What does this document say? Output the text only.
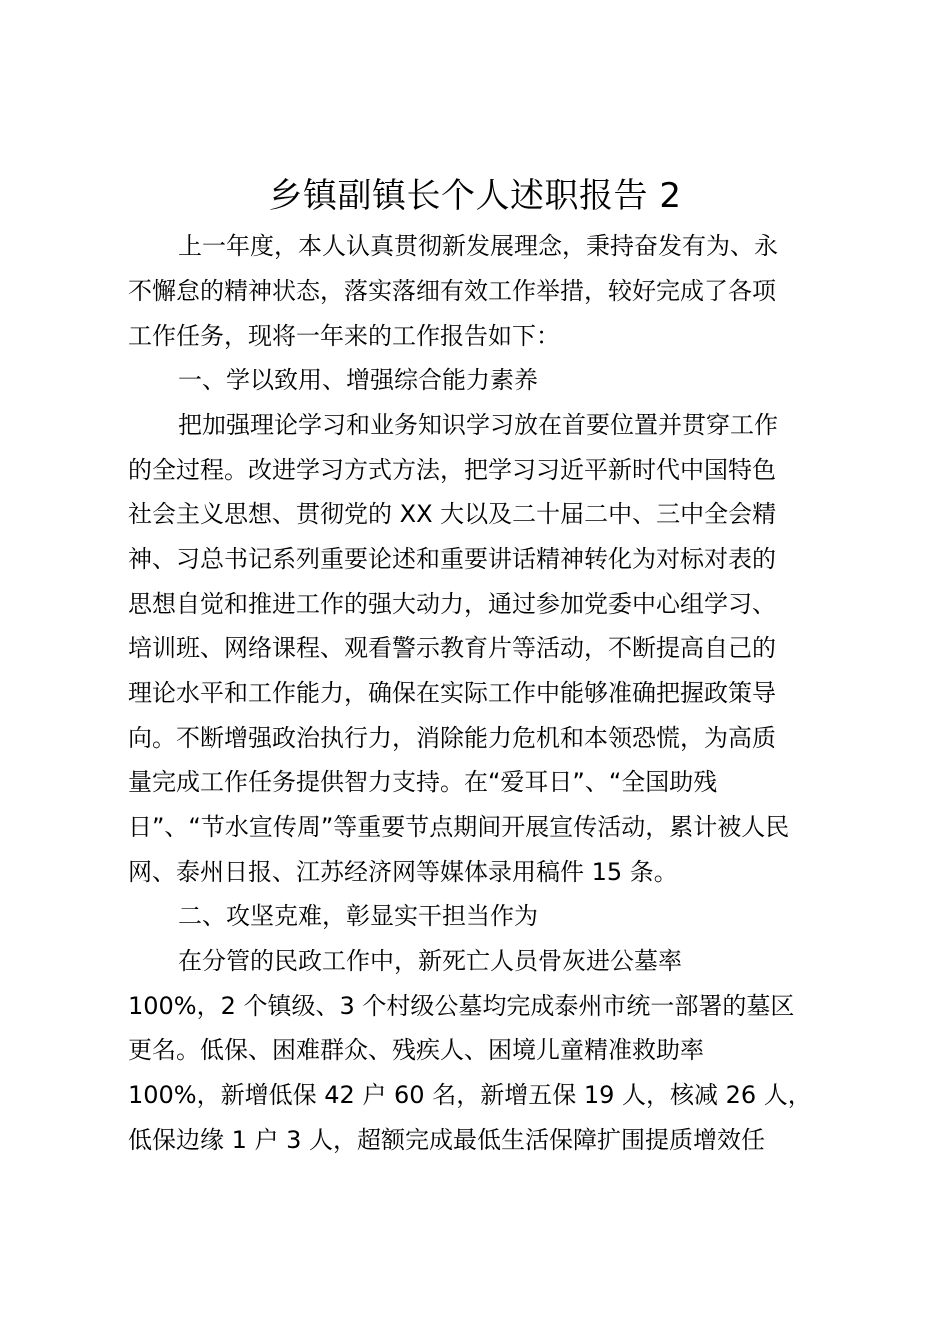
乡镇副镇长个人述职报告 2
上一年度，本人认真贯彻新发展理念，秉持奋发有为、永
不懈怠的精神状态，落实落细有效工作举措，较好完成了各项
工作任务，现将一年来的工作报告如下：
一、学以致用、增强综合能力素养
把加强理论学习和业务知识学习放在首要位置并贯穿工作
的全过程。改进学习方式方法，把学习习近平新时代中国特色
社会主义思想、贯彻党的 XX 大以及二十届二中、三中全会精
神、习总书记系列重要论述和重要讲话精神转化为对标对表的
思想自觉和推进工作的强大动力，通过参加党委中心组学习、
培训班、网络课程、观看警示教育片等活动，不断提高自己的
理论水平和工作能力，确保在实际工作中能够准确把握政策导
向。不断增强政治执行力，消除能力危机和本领恐慌，为高质
量完成工作任务提供智力支持。在“爱耳日”、“全国助残
日”、“节水宣传周”等重要节点期间开展宣传活动，累计被人民
网、泰州日报、江苏经济网等媒体录用稿件 15 条。
二、攻坚克难，彰显实干担当作为
在分管的民政工作中，新死亡人员骨灰进公墓率
100%，2 个镇级、3 个村级公墓均完成泰州市统一部署的墓区
更名。低保、困难群众、残疾人、困境儿童精准救助率
100%，新增低保 42 户 60 名，新增五保 19 人，核减 26 人，
低保边缘 1 户 3 人，超额完成最低生活保障扩围提质增效任
